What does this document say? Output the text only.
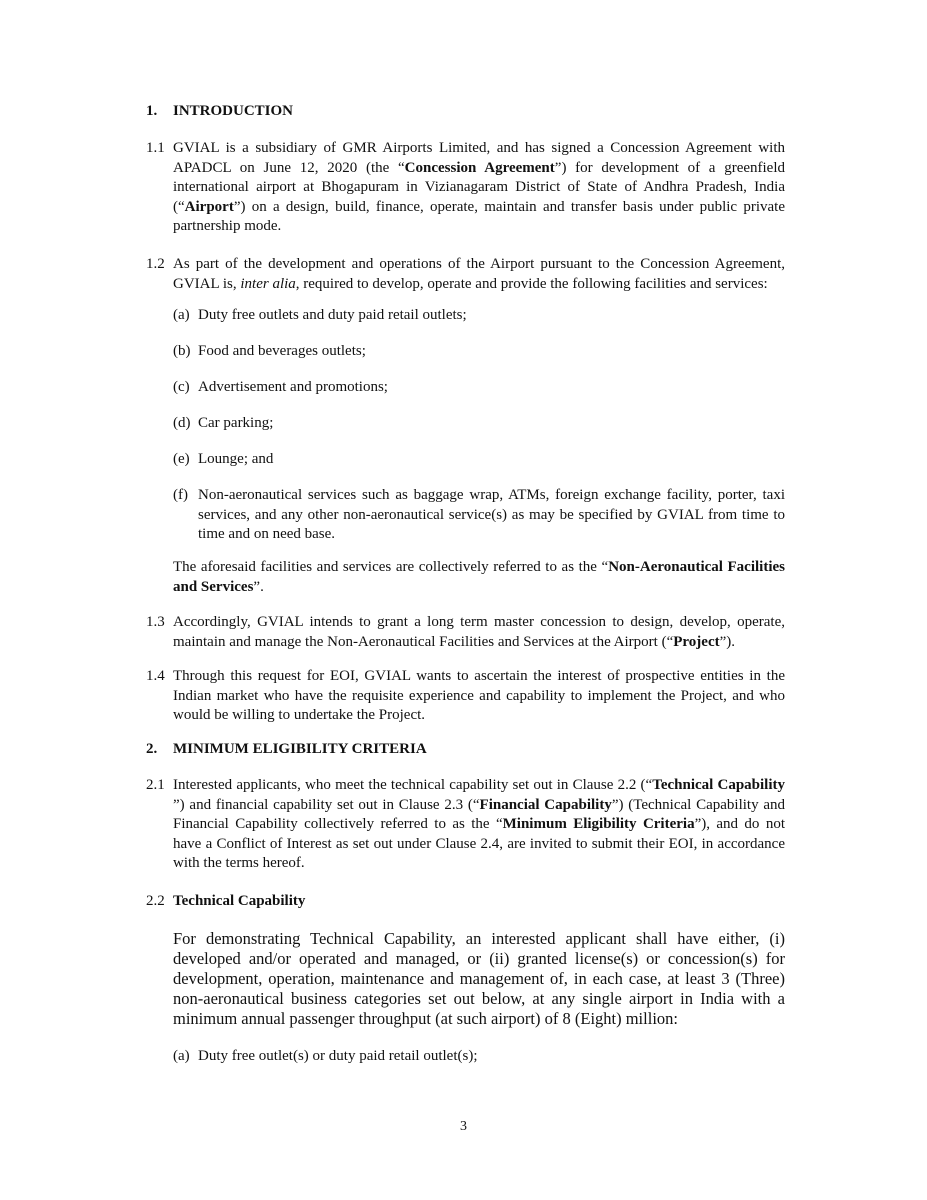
1. INTRODUCTION
1.1 GVIAL is a subsidiary of GMR Airports Limited, and has signed a Concession Agreement with APADCL on June 12, 2020 (the “Concession Agreement”) for development of a greenfield international airport at Bhogapuram in Vizianagaram District of State of Andhra Pradesh, India (“Airport”) on a design, build, finance, operate, maintain and transfer basis under public private partnership mode.
1.2 As part of the development and operations of the Airport pursuant to the Concession Agreement, GVIAL is, inter alia, required to develop, operate and provide the following facilities and services:
(a) Duty free outlets and duty paid retail outlets;
(b) Food and beverages outlets;
(c) Advertisement and promotions;
(d) Car parking;
(e) Lounge; and
(f) Non-aeronautical services such as baggage wrap, ATMs, foreign exchange facility, porter, taxi services, and any other non-aeronautical service(s) as may be specified by GVIAL from time to time and on need base.
The aforesaid facilities and services are collectively referred to as the “Non-Aeronautical Facilities and Services”.
1.3 Accordingly, GVIAL intends to grant a long term master concession to design, develop, operate, maintain and manage the Non-Aeronautical Facilities and Services at the Airport (“Project”).
1.4 Through this request for EOI, GVIAL wants to ascertain the interest of prospective entities in the Indian market who have the requisite experience and capability to implement the Project, and who would be willing to undertake the Project.
2. MINIMUM ELIGIBILITY CRITERIA
2.1 Interested applicants, who meet the technical capability set out in Clause 2.2 (“Technical Capability ”) and financial capability set out in Clause 2.3 (“Financial Capability”) (Technical Capability and Financial Capability collectively referred to as the “Minimum Eligibility Criteria”), and do not have a Conflict of Interest as set out under Clause 2.4, are invited to submit their EOI, in accordance with the terms hereof.
2.2 Technical Capability
For demonstrating Technical Capability, an interested applicant shall have either, (i) developed and/or operated and managed, or (ii) granted license(s) or concession(s) for development, operation, maintenance and management of, in each case, at least 3 (Three) non-aeronautical business categories set out below, at any single airport in India with a minimum annual passenger throughput (at such airport) of 8 (Eight) million:
(a) Duty free outlet(s) or duty paid retail outlet(s);
3
